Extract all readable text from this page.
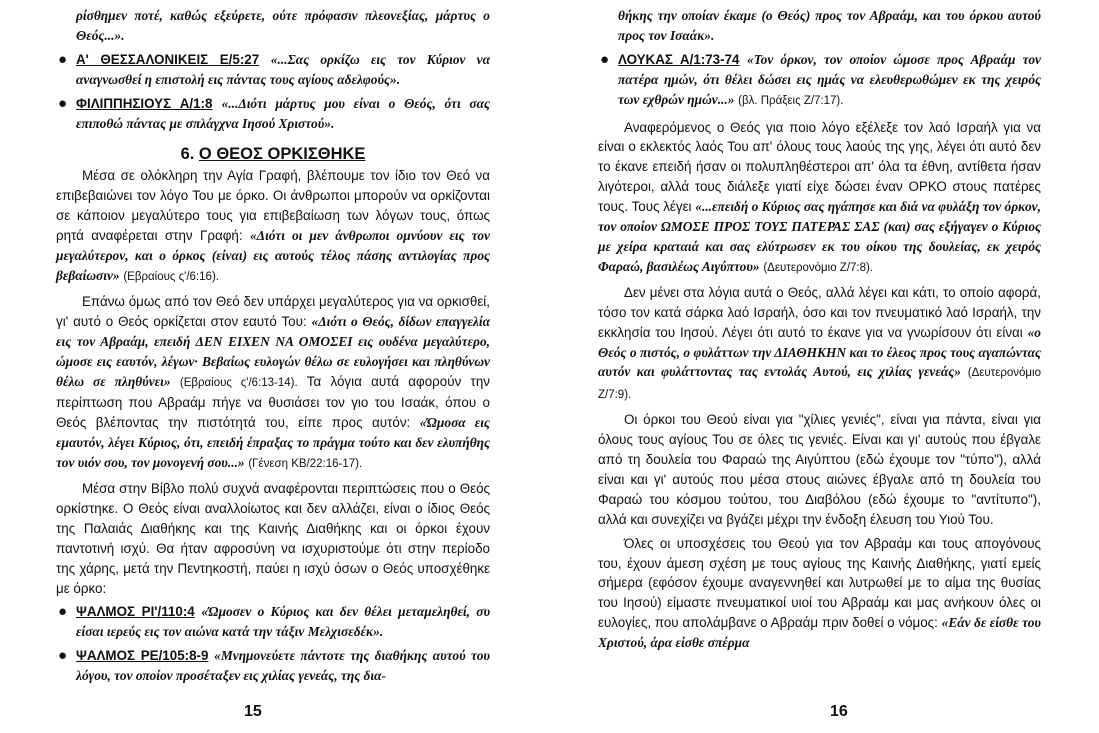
ρίσθημεν ποτέ, καθώς εξεύρετε, ούτε πρόφασιν πλεονεξίας, μάρτυς ο Θεός...».

● Α' ΘΕΣΣΑΛΟΝΙΚΕΙΣ Ε/5:27 «...Σας ορκίζω εις τον Κύριον να αναγνωσθεί η επιστολή εις πάντας τους αγίους αδελφούς».
● ΦΙΛΙΠΠΗΣΙΟΥΣ Α/1:8 «...Διότι μάρτυς μου είναι ο Θεός, ότι σας επιποθώ πάντας με σπλάγχνα Ιησού Χριστού».
6. Ο ΘΕΟΣ ΟΡΚΙΣΘΗΚΕ

Μέσα σε ολόκληρη την Αγία Γραφή, βλέπουμε τον ίδιο τον Θεό να επιβεβαιώνει τον λόγο Του με όρκο. Οι άνθρωποι μπορούν να ορκίζονται σε κάποιον μεγαλύτερο τους για επιβεβαίωση των λόγων τους, όπως ρητά αναφέρεται στην Γραφή: «Διότι οι μεν άνθρωποι ομνύουν εις τον μεγαλύτερον, και ο όρκος (είναι) εις αυτούς τέλος πάσης αντιλογίας προς βεβαίωσιν» (Εβραίους ς'/6:16).

Επάνω όμως από τον Θεό δεν υπάρχει μεγαλύτερος για να ορκισθεί, γι' αυτό ο Θεός ορκίζεται στον εαυτό Του: «Διότι ο Θεός, δίδων επαγγελία εις τον Αβραάμ, επειδή ΔΕΝ ΕΙΧΕΝ ΝΑ ΟΜΟΣΕΙ εις ουδένα μεγαλύτερο, ώμοσε εις εαυτόν, λέγων· Βεβαίως ευλογών θέλω σε ευλογήσει και πληθύνων θέλω σε πληθύνει» (Εβραίους ς'/6:13-14). Τα λόγια αυτά αφορούν την περίπτωση που Αβραάμ πήγε να θυσιάσει τον γιο του Ισαάκ, όπου ο Θεός βλέποντας την πιστότητά του, είπε προς αυτόν: «Ώμοσα εις εμαυτόν, λέγει Κύριος, ότι, επειδή έπραξας το πράγμα τούτο και δεν ελυπήθης τον υιόν σου, τον μονογενή σου...» (Γένεση ΚΒ/22:16-17).

Μέσα στην Βίβλο πολύ συχνά αναφέρονται περιπτώσεις που ο Θεός ορκίστηκε. Ο Θεός είναι αναλλοίωτος και δεν αλλάζει, είναι ο ίδιος Θεός της Παλαιάς Διαθήκης και της Καινής Διαθήκης και οι όρκοι έχουν παντοτινή ισχύ. Θα ήταν αφροσύνη να ισχυριστούμε ότι στην περίοδο της χάρης, μετά την Πεντηκοστή, παύει η ισχύ όσων ο Θεός υποσχέθηκε με όρκο:

● ΨΑΛΜΟΣ ΡΙ'/110:4 «Ώμοσεν ο Κύριος και δεν θέλει μεταμεληθεί, συ είσαι ιερεύς εις τον αιώνα κατά την τάξιν Μελχισεδέκ».
● ΨΑΛΜΟΣ ΡΕ/105:8-9 «Μνημονεύετε πάντοτε της διαθήκης αυτού του λόγου, τον οποίον προσέταξεν εις χιλίας γενεάς, της δια-
15

θήκης την οποίαν έκαμε (ο Θεός) προς τον Αβραάμ, και του όρκου αυτού προς τον Ισαάκ».

● ΛΟΥΚΑΣ Α/1:73-74 «Τον όρκον, τον οποίον ώμοσε προς Αβραάμ τον πατέρα ημών, ότι θέλει δώσει εις ημάς να ελευθερωθώμεν εκ της χειρός των εχθρών ημών...» (βλ. Πράξεις Ζ/7:17).

Αναφερόμενος ο Θεός για ποιο λόγο εξέλεξε τον λαό Ισραήλ για να είναι ο εκλεκτός λαός Του απ' όλους τους λαούς της γης, λέγει ότι αυτό δεν το έκανε επειδή ήσαν οι πολυπληθέστεροι απ' όλα τα έθνη, αντίθετα ήσαν λιγότεροι, αλλά τους διάλεξε γιατί είχε δώσει έναν ΟΡΚΟ στους πατέρες τους. Τους λέγει «...επειδή ο Κύριος σας ηγάπησε και διά να φυλάξη τον όρκον, τον οποίον ΩΜΟΣΕ ΠΡΟΣ ΤΟΥΣ ΠΑΤΕΡΑΣ ΣΑΣ (και) σας εξήγαγεν ο Κύριος με χείρα κραταιά και σας ελύτρωσεν εκ του οίκου της δουλείας, εκ χειρός Φαραώ, βασιλέως Αιγύπτου» (Δευτερονόμιο Ζ/7:8).

Δεν μένει στα λόγια αυτά ο Θεός, αλλά λέγει και κάτι, το οποίο αφορά, τόσο τον κατά σάρκα λαό Ισραήλ, όσο και τον πνευματικό λαό Ισραήλ, την εκκλησία του Ιησού. Λέγει ότι αυτό το έκανε για να γνωρίσουν ότι είναι «ο Θεός ο πιστός, ο φυλάττων την ΔΙΑΘΗΚΗΝ και το έλεος προς τους αγαπώντας αυτόν και φυλάττοντας τας εντολάς Αυτού, εις χιλίας γενεάς» (Δευτερονόμιο Ζ/7:9).

Οι όρκοι του Θεού είναι για "χίλιες γενιές", είναι για πάντα, είναι για όλους τους αγίους Του σε όλες τις γενιές. Είναι και γι' αυτούς που έβγαλε από τη δουλεία του Φαραώ της Αιγύπτου (εδώ έχουμε τον "τύπο"), αλλά είναι και γι' αυτούς που μέσα στους αιώνες έβγαλε από τη δουλεία του Φαραώ του κόσμου τούτου, του Διαβόλου (εδώ έχουμε το "αντίτυπο"), αλλά και συνεχίζει να βγάζει μέχρι την ένδοξη έλευση του Υιού Του.

Όλες οι υποσχέσεις του Θεού για τον Αβραάμ και τους απογόνους του, έχουν άμεση σχέση με τους αγίους της Καινής Διαθήκης, γιατί εμείς σήμερα (εφόσον έχουμε αναγεννηθεί και λυτρωθεί με το αίμα της θυσίας του Ιησού) είμαστε πνευματικοί υιοί του Αβραάμ και μας ανήκουν όλες οι ευλογίες, που απολάμβανε ο Αβραάμ πριν δοθεί ο νόμος: «Εάν δε είσθε του Χριστού, άρα είσθε σπέρμα

16
